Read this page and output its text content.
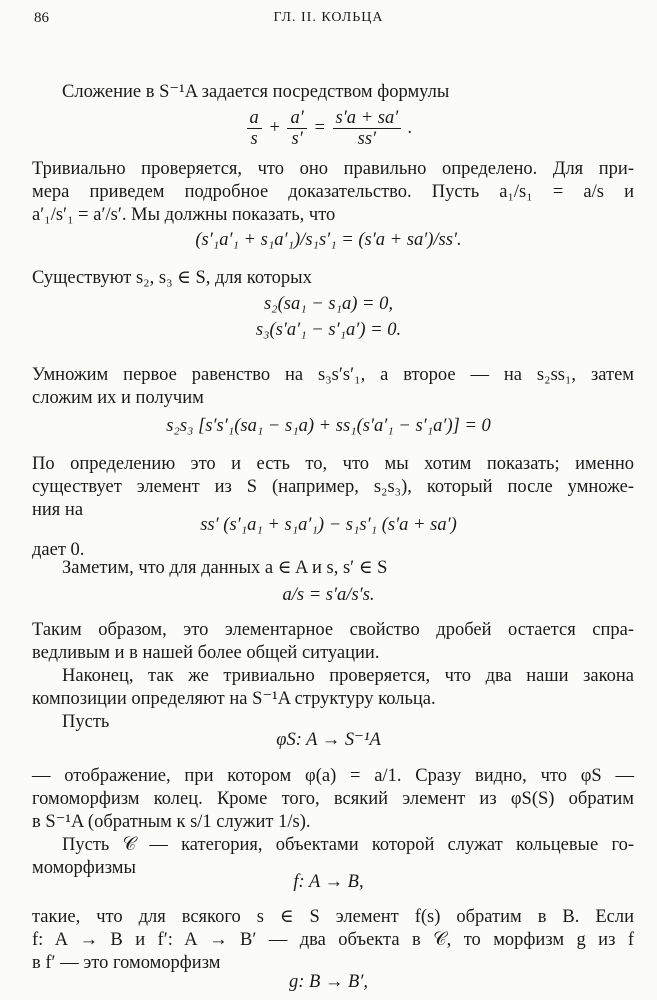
86	ГЛ. II. КОЛЬЦА
Сложение в S⁻¹A задается посредством формулы
$\frac{a}{s} + \frac{a'}{s'} = \frac{s'a + sa'}{ss'}$ .
Тривиально проверяется, что оно правильно определено. Для при-
мера приведем подробное доказательство. Пусть a₁/s₁ = a/s и
a′₁/s′₁ = a′/s′. Мы должны показать, что
(s′₁a′₁ + s₁a′₁)/s₁s′₁ = (s′a + sa′)/ss′.
Существуют s₂, s₃ ∈ S, для которых
s₂(sa₁ − s₁a) = 0,
s₃(s′a′₁ − s′₁a′) = 0.
Умножим первое равенство на s₃s′s′₁, а второе — на s₂ss₁, затем
сложим их и получим
s₂s₃ [s′s′₁(sa₁ − s₁a) + ss₁(s′a′₁ − s′₁a′)] = 0
По определению это и есть то, что мы хотим показать; именно
существует элемент из S (например, s₂s₃), который после умноже-
ния на
ss′ (s′₁a₁ + s₁a′₁) − s₁s′₁ (s′a + sa′)
дает 0.
Заметим, что для данных a ∈ A и s, s′ ∈ S
a/s = s′a/s′s.
Таким образом, это элементарное свойство дробей остается спра-
ведливым и в нашей более общей ситуации.
Наконец, так же тривиально проверяется, что два наши закона
композиции определяют на S⁻¹A структуру кольца.
Пусть
φS: A → S⁻¹A
— отображение, при котором φ(a) = a/1. Сразу видно, что φS —
гомоморфизм колец. Кроме того, всякий элемент из φS(S) обратим
в S⁻¹A (обратным к s/1 служит 1/s).
Пусть 𝒞 — категория, объектами которой служат кольцевые го-
моморфизмы
f: A → B,
такие, что для всякого s ∈ S элемент f(s) обратим в B. Если
f: A → B и f′: A → B′ — два объекта в 𝒞, то морфизм g из f
в f′ — это гомоморфизм
g: B → B′,
